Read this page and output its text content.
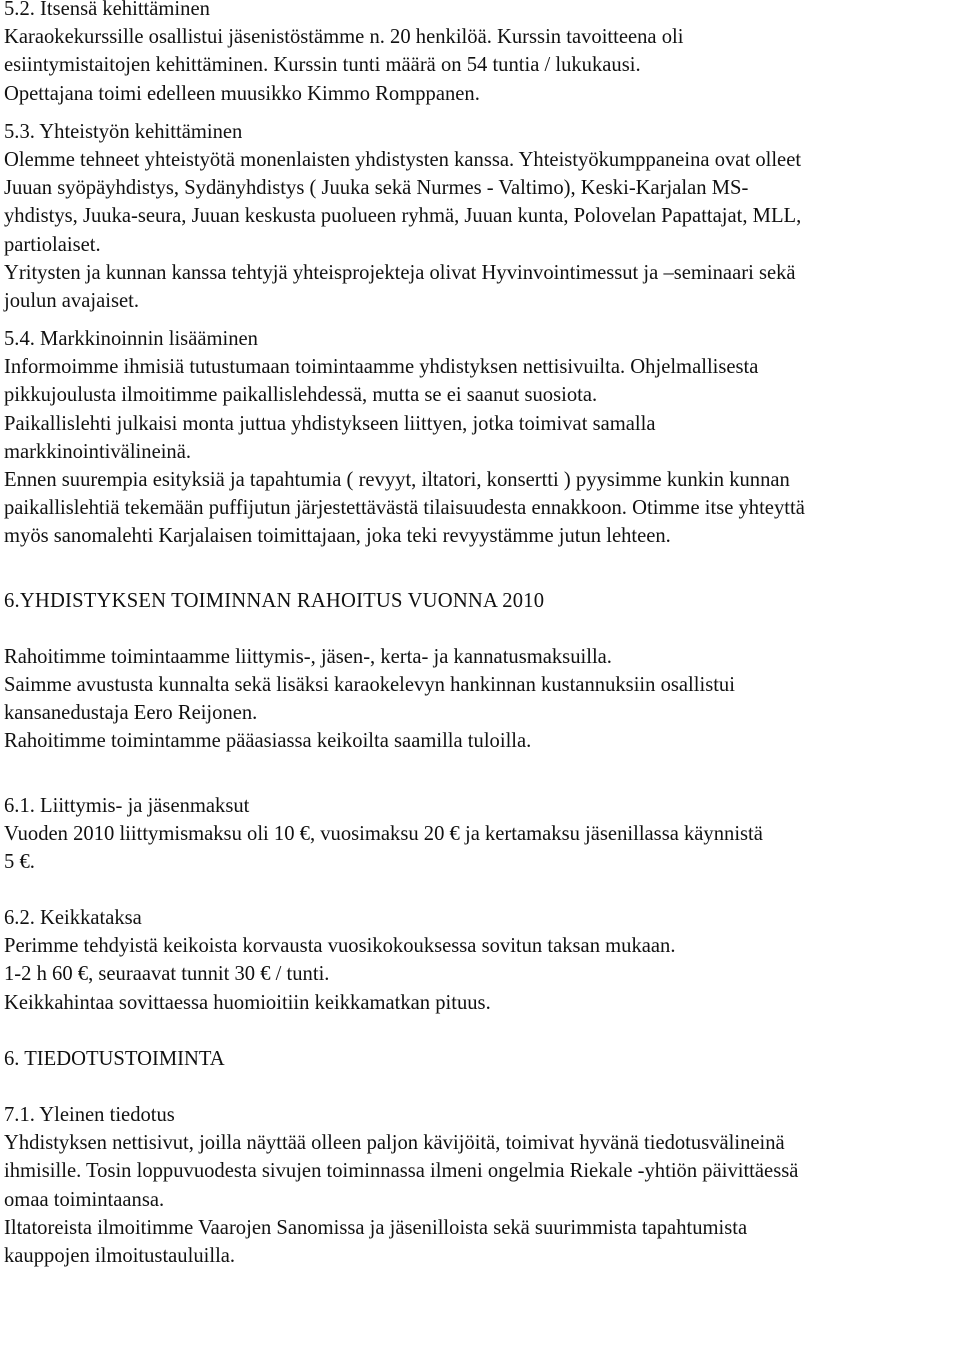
5.2. Itsensä kehittäminen
Karaokekurssille osallistui jäsenistöstämme n. 20 henkilöä. Kurssin tavoitteena oli
esiintymistaitojen kehittäminen. Kurssin tunti määrä on 54 tuntia / lukukausi.
Opettajana toimi edelleen muusikko Kimmo Romppanen.
5.3. Yhteistyön kehittäminen
Olemme tehneet yhteistyötä monenlaisten yhdistysten kanssa. Yhteistyökumppaneina ovat olleet
Juuan syöpäyhdistys, Sydänyhdistys ( Juuka sekä Nurmes - Valtimo), Keski-Karjalan MS-
yhdistys, Juuka-seura, Juuan keskusta puolueen ryhmä, Juuan kunta, Polovelan Papattajat, MLL,
partiolaiset.
Yritysten ja kunnan kanssa tehtyjä yhteisprojekteja olivat Hyvinvointimessut ja –seminaari sekä
joulun avajaiset.
5.4. Markkinoinnin lisääminen
Informoimme ihmisiä tutustumaan toimintaamme yhdistyksen nettisivuilta. Ohjelmallisesta
pikkujoulusta ilmoitimme paikallislehdessä, mutta se ei saanut suosiota.
Paikallislehti julkaisi monta juttua yhdistykseen liittyen, jotka toimivat samalla
markkinointivälineinä.
Ennen suurempia esityksiä ja tapahtumia ( revyyt, iltatori, konsertti ) pyysimme kunkin kunnan
paikallislehtiä tekemään puffijutun järjestettävästä tilaisuudesta ennakkoon. Otimme itse yhteyttä
myös sanomalehti Karjalaisen toimittajaan, joka teki revyystämme jutun lehteen.
6.YHDISTYKSEN TOIMINNAN RAHOITUS VUONNA 2010
Rahoitimme toimintaamme liittymis-, jäsen-, kerta- ja kannatusmaksuilla.
Saimme avustusta kunnalta sekä lisäksi karaokelevyn hankinnan kustannuksiin osallistui
kansanedustaja Eero Reijonen.
Rahoitimme toimintamme pääasiassa keikoilta saamilla tuloilla.
6.1. Liittymis- ja jäsenmaksut
Vuoden 2010 liittymismaksu oli 10 €, vuosimaksu 20 € ja kertamaksu jäsenillassa käynnistä
5 €.
6.2. Keikkataksa
Perimme tehdyistä keikoista korvausta vuosikokouksessa sovitun taksan mukaan.
1-2 h 60 €, seuraavat tunnit 30 € / tunti.
Keikkahintaa sovittaessa huomioitiin keikkamatkan pituus.
6. TIEDOTUSTOIMINTA
7.1. Yleinen tiedotus
Yhdistyksen nettisivut, joilla näyttää olleen paljon kävijöitä, toimivat hyvänä tiedotusvälineinä
ihmisille. Tosin loppuvuodesta sivujen toiminnassa ilmeni ongelmia Riekale -yhtiön päivittäessä
omaa toimintaansa.
Iltatoreista ilmoitimme Vaarojen Sanomissa ja jäsenilloista sekä suurimmista tapahtumista
kauppojen ilmoitustauluilla.
